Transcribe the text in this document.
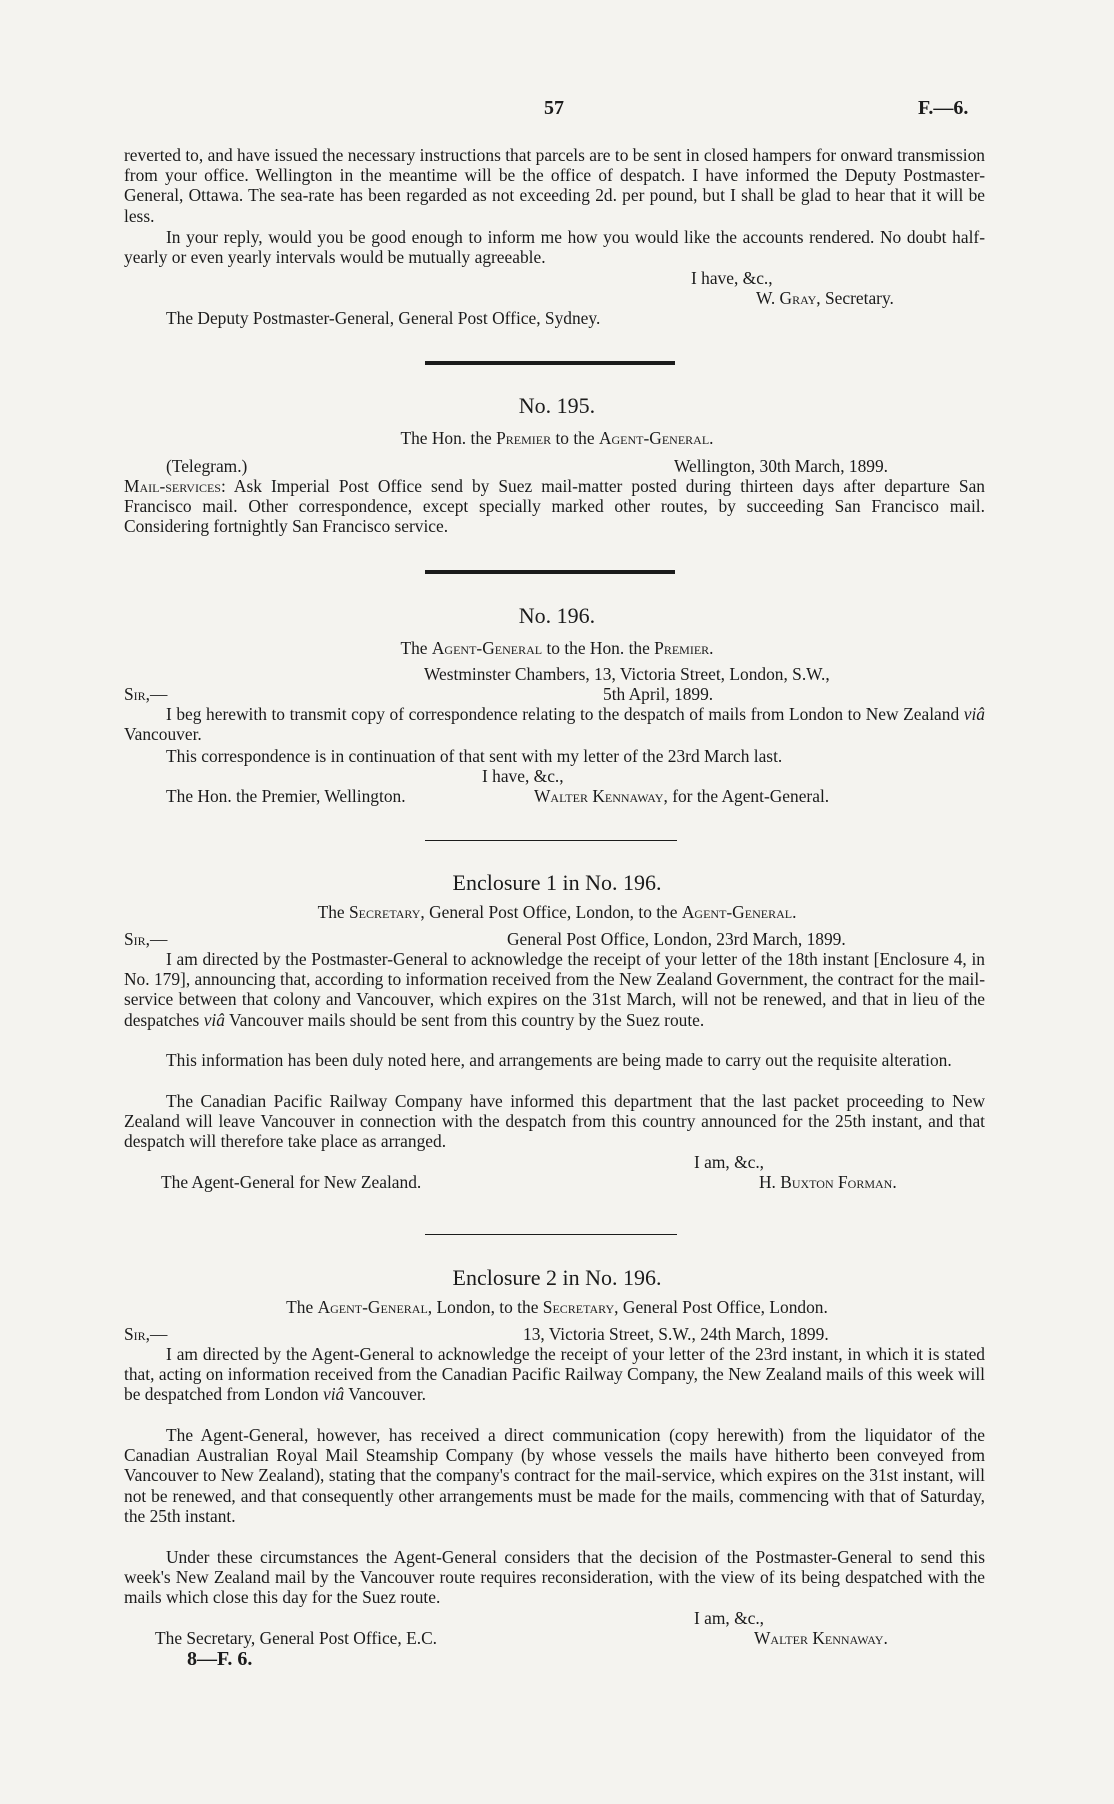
57	F.—6.
reverted to, and have issued the necessary instructions that parcels are to be sent in closed hampers for onward transmission from your office. Wellington in the meantime will be the office of despatch. I have informed the Deputy Postmaster-General, Ottawa. The sea-rate has been regarded as not exceeding 2d. per pound, but I shall be glad to hear that it will be less.
In your reply, would you be good enough to inform me how you would like the accounts rendered. No doubt half-yearly or even yearly intervals would be mutually agreeable.
I have, &c.,
W. Gray, Secretary.
The Deputy Postmaster-General, General Post Office, Sydney.
No. 195.
The Hon. the Premier to the Agent-General.
(Telegram.)	Wellington, 30th March, 1899.
Mail-services: Ask Imperial Post Office send by Suez mail-matter posted during thirteen days after departure San Francisco mail. Other correspondence, except specially marked other routes, by succeeding San Francisco mail. Considering fortnightly San Francisco service.
No. 196.
The Agent-General to the Hon. the Premier.
Westminster Chambers, 13, Victoria Street, London, S.W.,
Sir,—	5th April, 1899.
I beg herewith to transmit copy of correspondence relating to the despatch of mails from London to New Zealand viâ Vancouver.
This correspondence is in continuation of that sent with my letter of the 23rd March last.
I have, &c.,
The Hon. the Premier, Wellington.	Walter Kennaway, for the Agent-General.
Enclosure 1 in No. 196.
The Secretary, General Post Office, London, to the Agent-General.
Sir,—	General Post Office, London, 23rd March, 1899.
I am directed by the Postmaster-General to acknowledge the receipt of your letter of the 18th instant [Enclosure 4, in No. 179], announcing that, according to information received from the New Zealand Government, the contract for the mail-service between that colony and Vancouver, which expires on the 31st March, will not be renewed, and that in lieu of the despatches viâ Vancouver mails should be sent from this country by the Suez route.
This information has been duly noted here, and arrangements are being made to carry out the requisite alteration.
The Canadian Pacific Railway Company have informed this department that the last packet proceeding to New Zealand will leave Vancouver in connection with the despatch from this country announced for the 25th instant, and that despatch will therefore take place as arranged.
I am, &c.,
The Agent-General for New Zealand.	H. Buxton Forman.
Enclosure 2 in No. 196.
The Agent-General, London, to the Secretary, General Post Office, London.
Sir,—	13, Victoria Street, S.W., 24th March, 1899.
I am directed by the Agent-General to acknowledge the receipt of your letter of the 23rd instant, in which it is stated that, acting on information received from the Canadian Pacific Railway Company, the New Zealand mails of this week will be despatched from London viâ Vancouver.
The Agent-General, however, has received a direct communication (copy herewith) from the liquidator of the Canadian Australian Royal Mail Steamship Company (by whose vessels the mails have hitherto been conveyed from Vancouver to New Zealand), stating that the company's contract for the mail-service, which expires on the 31st instant, will not be renewed, and that consequently other arrangements must be made for the mails, commencing with that of Saturday, the 25th instant.
Under these circumstances the Agent-General considers that the decision of the Postmaster-General to send this week's New Zealand mail by the Vancouver route requires reconsideration, with the view of its being despatched with the mails which close this day for the Suez route.
I am, &c.,
The Secretary, General Post Office, E.C.	Walter Kennaway.
8—F. 6.
